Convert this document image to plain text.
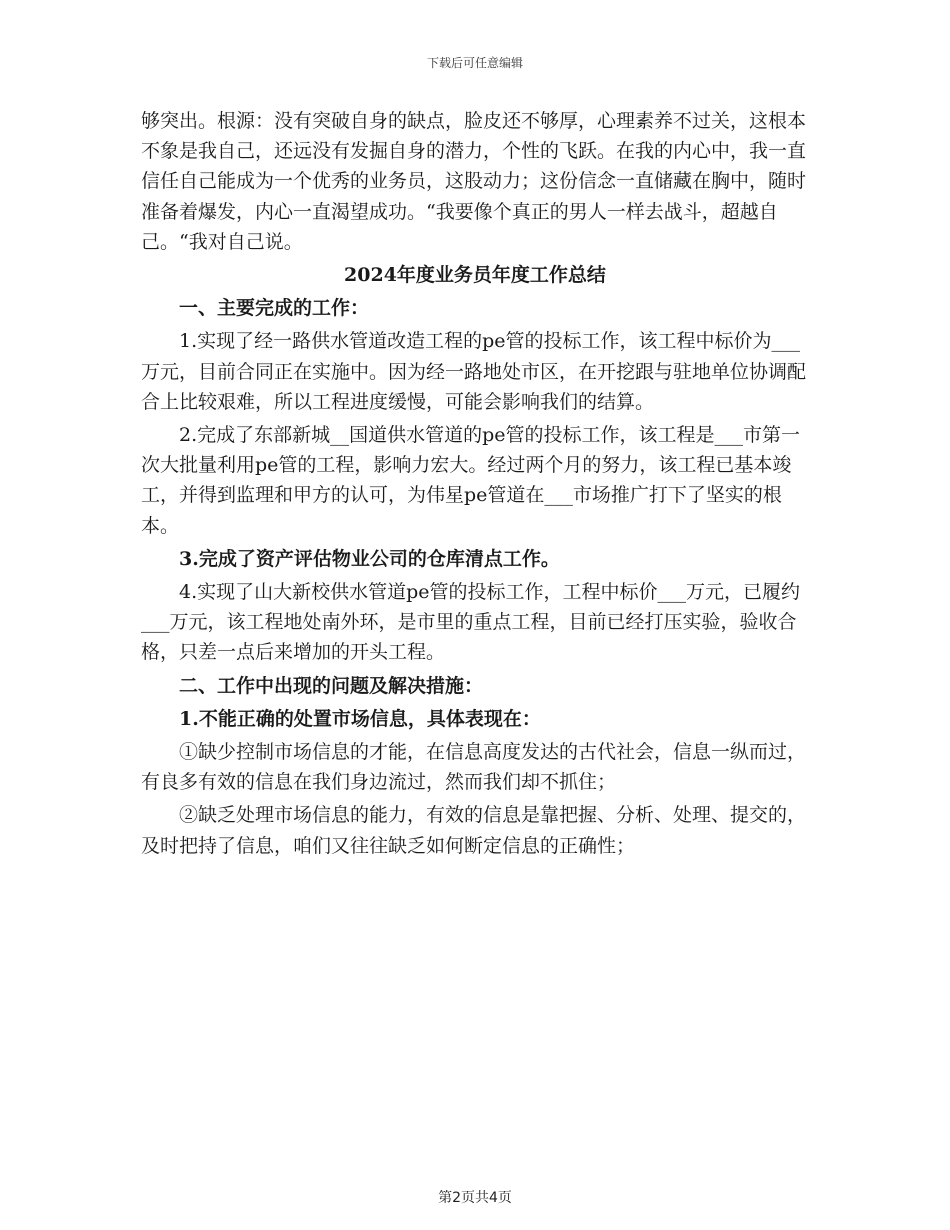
下载后可任意编辑

够突出。根源：没有突破自身的缺点，脸皮还不够厚，心理素养不过关，这根本不象是我自己，还远没有发掘自身的潜力，个性的飞跃。在我的内心中，我一直信任自己能成为一个优秀的业务员，这股动力；这份信念一直储藏在胸中，随时准备着爆发，内心一直渴望成功。“我要像个真正的男人一样去战斗，超越自己。“我对自己说。

2024年度业务员年度工作总结

一、主要完成的工作：

1.实现了经一路供水管道改造工程的pe管的投标工作，该工程中标价为___万元，目前合同正在实施中。因为经一路地处市区，在开挖跟与驻地单位协调配合上比较艰难，所以工程进度缓慢，可能会影响我们的结算。

2.完成了东部新城__国道供水管道的pe管的投标工作，该工程是___市第一次大批量利用pe管的工程，影响力宏大。经过两个月的努力，该工程已基本竣工，并得到监理和甲方的认可，为伟星pe管道在___市场推广打下了坚实的根本。

3.完成了资产评估物业公司的仓库清点工作。

4.实现了山大新校供水管道pe管的投标工作，工程中标价___万元，已履约___万元，该工程地处南外环，是市里的重点工程，目前已经打压实验，验收合格，只差一点后来增加的开头工程。

二、工作中出现的问题及解决措施：

1.不能正确的处置市场信息，具体表现在：

①缺少控制市场信息的才能，在信息高度发达的古代社会，信息一纵而过，有良多有效的信息在我们身边流过，然而我们却不抓住；

②缺乏处理市场信息的能力，有效的信息是靠把握、分析、处理、提交的，及时把持了信息，咱们又往往缺乏如何断定信息的正确性；

第2页共4页
